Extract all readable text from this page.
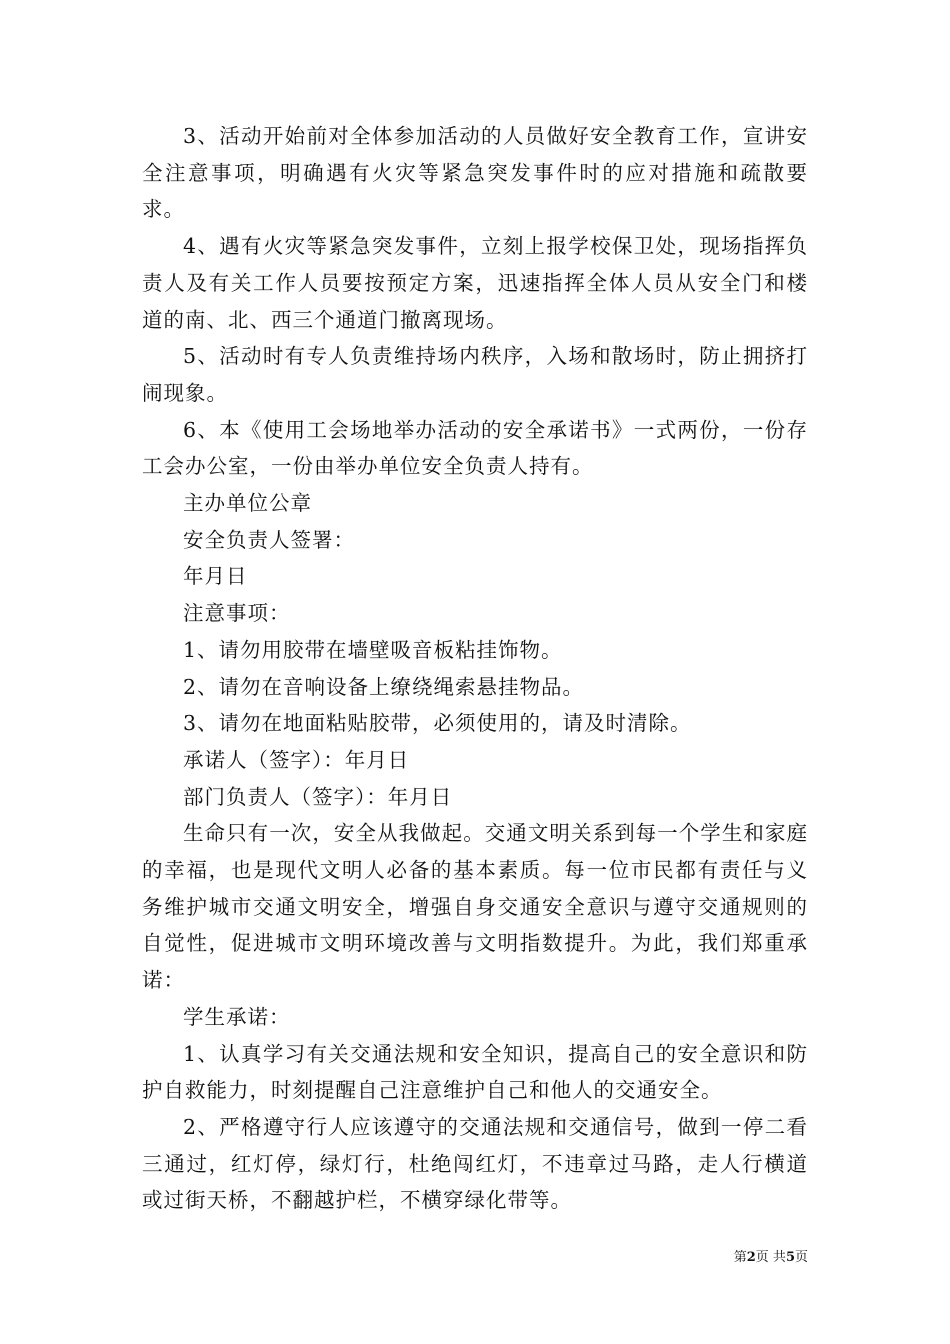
3、活动开始前对全体参加活动的人员做好安全教育工作，宣讲安全注意事项，明确遇有火灾等紧急突发事件时的应对措施和疏散要求。

4、遇有火灾等紧急突发事件，立刻上报学校保卫处，现场指挥负责人及有关工作人员要按预定方案，迅速指挥全体人员从安全门和楼道的南、北、西三个通道门撤离现场。

5、活动时有专人负责维持场内秩序，入场和散场时，防止拥挤打闹现象。

6、本《使用工会场地举办活动的安全承诺书》一式两份，一份存工会办公室，一份由举办单位安全负责人持有。

主办单位公章

安全负责人签署：

年月日

注意事项：

1、请勿用胶带在墙壁吸音板粘挂饰物。

2、请勿在音响设备上缭绕绳索悬挂物品。

3、请勿在地面粘贴胶带，必须使用的，请及时清除。

承诺人（签字）：年月日

部门负责人（签字）：年月日

生命只有一次，安全从我做起。交通文明关系到每一个学生和家庭的幸福，也是现代文明人必备的基本素质。每一位市民都有责任与义务维护城市交通文明安全，增强自身交通安全意识与遵守交通规则的自觉性，促进城市文明环境改善与文明指数提升。为此，我们郑重承诺：

学生承诺：

1、认真学习有关交通法规和安全知识，提高自己的安全意识和防护自救能力，时刻提醒自己注意维护自己和他人的交通安全。

2、严格遵守行人应该遵守的交通法规和交通信号，做到一停二看三通过，红灯停，绿灯行，杜绝闯红灯，不违章过马路，走人行横道或过街天桥，不翻越护栏，不横穿绿化带等。

第2页 共5页
